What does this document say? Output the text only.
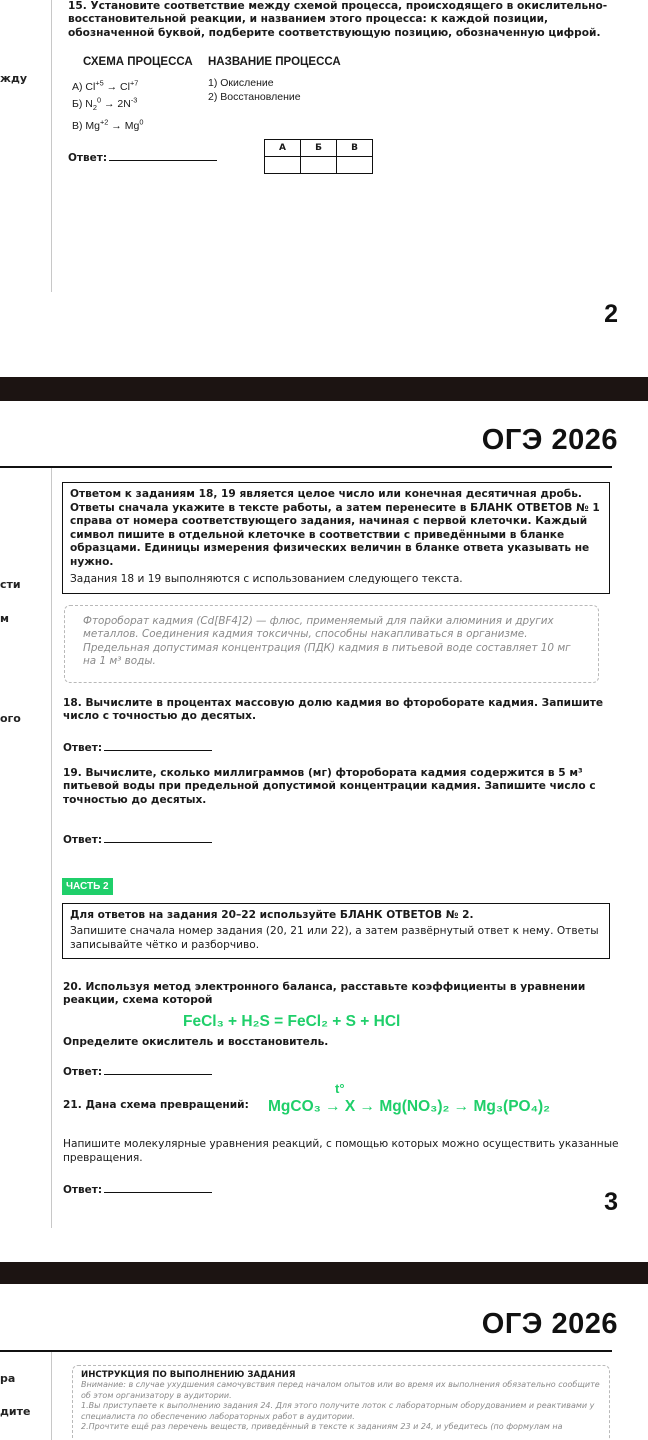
жду
15. Установите соответствие между схемой процесса, происходящего в окислительно-восстановительной реакции, и названием этого процесса: к каждой позиции, обозначенной буквой, подберите соответствующую позицию, обозначенную цифрой.
СХЕМА ПРОЦЕССА НАЗВАНИЕ ПРОЦЕССА
А) $Cl^{+5} \to Cl^{+7}$
Б) $N_2^0 \to 2N^{-3}$
В) $Mg^{+2} \to Mg^0$
1) Окисление
2) Восстановление
Ответ:
А	Б	В

2
ОГЭ 2026
сти
м
ого
Ответом к заданиям 18, 19 является целое число или конечная десятичная дробь. Ответы сначала укажите в тексте работы, а затем перенесите в БЛАНК ОТВЕТОВ № 1 справа от номера соответствующего задания, начиная с первой клеточки. Каждый символ пишите в отдельной клеточке в соответствии с приведёнными в бланке образцами. Единицы измерения физических величин в бланке ответа указывать не нужно.
Задания 18 и 19 выполняются с использованием следующего текста.
Фтороборат кадмия (Cd[BF4]2) — флюс, применяемый для пайки алюминия и других металлов. Соединения кадмия токсичны, способны накапливаться в организме. Предельная допустимая концентрация (ПДК) кадмия в питьевой воде составляет 10 мг на 1 м³ воды.
18. Вычислите в процентах массовую долю кадмия во фторoборате кадмия. Запишите число с точностью до десятых.
Ответ:
19. Вычислите, сколько миллиграммов (мг) фторобората кадмия содержится в 5 м³ питьевой воды при предельной допустимой концентрации кадмия. Запишите число с точностью до десятых.
Ответ:
ЧАСТЬ 2
Для ответов на задания 20–22 используйте БЛАНК ОТВЕТОВ № 2.
Запишите сначала номер задания (20, 21 или 22), а затем развёрнутый ответ к нему. Ответы записывайте чётко и разборчиво.
20. Используя метод электронного баланса, расставьте коэффициенты в уравнении реакции, схема которой
FeCl₃ + H₂S = FeCl₂ + S + HCl
Определите окислитель и восстановитель.
Ответ:
21. Дана схема превращений:
t°
MgCO₃ → X → Mg(NO₃)₂ → Mg₃(PO₄)₂
Напишите молекулярные уравнения реакций, с помощью которых можно осуществить указанные превращения.
Ответ:	3
ОГЭ 2026
ра
дите
ИНСТРУКЦИЯ ПО ВЫПОЛНЕНИЮ ЗАДАНИЯ
Внимание: в случае ухудшения самочувствия перед началом опытов или во время их выполнения обязательно сообщите об этом организатору в аудитории.
1.Вы приступаете к выполнению задания 24. Для этого получите лоток с лабораторным оборудованием и реактивами у специалиста по обеспечению лабораторных работ в аудитории.
2.Прочтите ещё раз перечень веществ, приведённый в тексте к заданиям 23 и 24, и убедитесь (по формулам на
